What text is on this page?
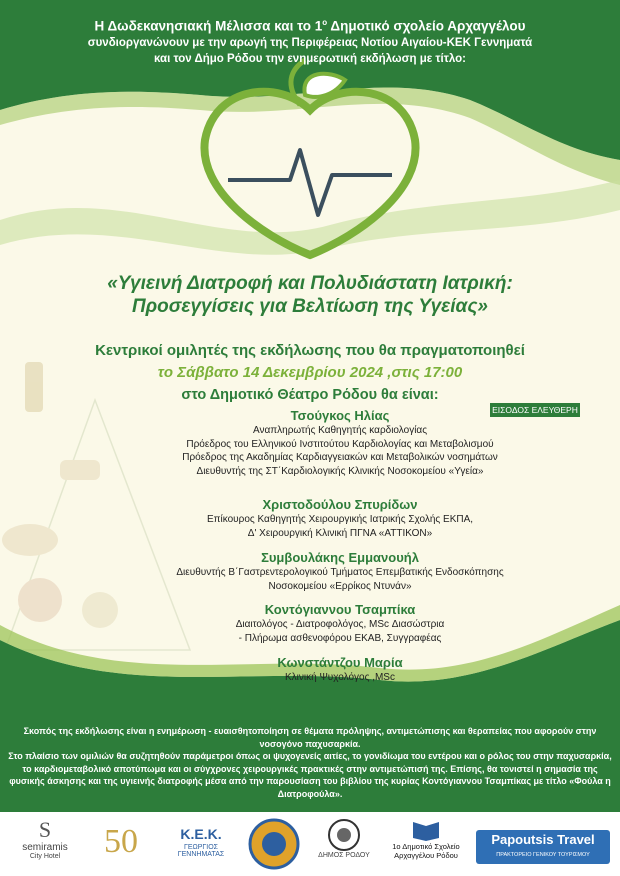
Η Δωδεκανησιακή Μέλισσα και το $1^o$ Δημοτικό σχολείο Αρχαγγέλου
συνδιοργανώνουν με την αρωγή της Περιφέρειας Νοτίου Αιγαίου-ΚΕΚ Γεννηματά
και τον Δήμο Ρόδου την ενημερωτική εκδήλωση με τίτλο:
«Υγιεινή Διατροφή και Πολυδιάστατη Ιατρική:
Προσεγγίσεις για Βελτίωση της Υγείας»
Κεντρικοί ομιλητές της εκδήλωσης που θα πραγματοποιηθεί
το Σάββατο 14 Δεκεμβρίου 2024 ,στις 17:00
στο Δημοτικό Θέατρο Ρόδου θα είναι:
ΕΙΣΟΔΟΣ ΕΛΕΥΘΕΡΗ
Τσούγκος Ηλίας
Αναπληρωτής Καθηγητής καρδιολογίας
Πρόεδρος του Ελληνικού Ινστιτούτου Καρδιολογίας και Μεταβολισμού
Πρόεδρος της Ακαδημίας Καρδιαγγειακών και Μεταβολικών νοσημάτων
Διευθυντής της ΣΤ΄Καρδιολογικής Κλινικής Νοσοκομείου «Υγεία»
Χριστοδούλου Σπυρίδων
Επίκουρος Καθηγητής Χειρουργικής Ιατρικής Σχολής ΕΚΠΑ,
Δ' Χειρουργική Κλινική ΠΓΝΑ «ΑΤΤΙΚΟΝ»
Συμβουλάκης Εμμανουήλ
Διευθυντής Β΄Γαστρεντερολογικού Τμήματος Επεμβατικής Ενδοσκόπησης
Νοσοκομείου «Ερρίκος Ντυνάν»
Κοντόγιαννου Τσαμπίκα
Διαιτολόγος - Διατροφολόγος, MSc Διασώστρια
- Πλήρωμα ασθενοφόρου ΕΚΑΒ, Συγγραφέας
Κωνστάντζου Μαρία
Κλινική Ψυχολόγος ,MSc
Σκοπός της εκδήλωσης είναι η ενημέρωση - ευαισθητοποίηση σε θέματα πρόληψης, αντιμετώπισης και θεραπείας που αφορούν στην νοσογόνο παχυσαρκία.
Στο πλαίσιο των ομιλιών θα συζητηθούν παράμετροι όπως οι ψυχογενείς αιτίες, το γονιδίωμα του εντέρου και ο ρόλος του στην παχυσαρκία, το καρδιομεταβολικό αποτύπωμα και οι σύγχρονες χειρουργικές πρακτικές στην αντιμετώπισή της. Επίσης, θα τονιστεί η σημασία της φυσικής άσκησης και της υγιεινής διατροφής μέσα από την παρουσίαση του βιβλίου της κυρίας Κοντόγιαννου Τσαμπίκας με τίτλο «Φούλα η Διατροφούλα».
S
semiramis
City Hotel	50	Κ.Ε.Κ.
ΓΕΩΡΓΙΟΣ
ΓΕΝΝΗΜΑΤΑΣ	ΔΗΜΟΣ ΡΟΔΟΥ
1ο Δημοτικό Σχολείο
Αρχαγγέλου Ρόδου
Papoutsis Travel
ΠΡΑΚΤΟΡΕΙΟ ΓΕΝΙΚΟΥ ΤΟΥΡΙΣΜΟΥ
